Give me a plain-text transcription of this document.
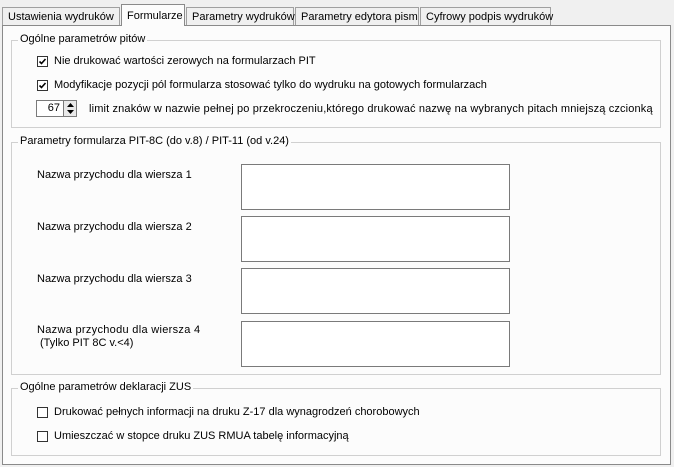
Ustawienia wydruków	Formularze Parametry wydruków Parametry edytora pism Cyfrowy podpis wydruków
Ogólne parametrów pitów
Nie drukować wartości zerowych na formularzach PIT
Modyfikacje pozycji pól formularza stosować tylko do wydruku na gotowych formularzach
67	limit znaków w nazwie pełnej po przekroczeniu,którego drukować nazwę na wybranych pitach mniejszą czcionką
Parametry formularza PIT-8C (do v.8) / PIT-11 (od v.24)
Nazwa przychodu dla wiersza 1
Nazwa przychodu dla wiersza 2
Nazwa przychodu dla wiersza 3
Nazwa przychodu dla wiersza 4
(Tylko PIT 8C v.<4)
Ogólne parametrów deklaracji ZUS
Drukować pełnych informacji na druku Z-17 dla wynagrodzeń chorobowych
Umieszczać w stopce druku ZUS RMUA tabelę informacyjną
